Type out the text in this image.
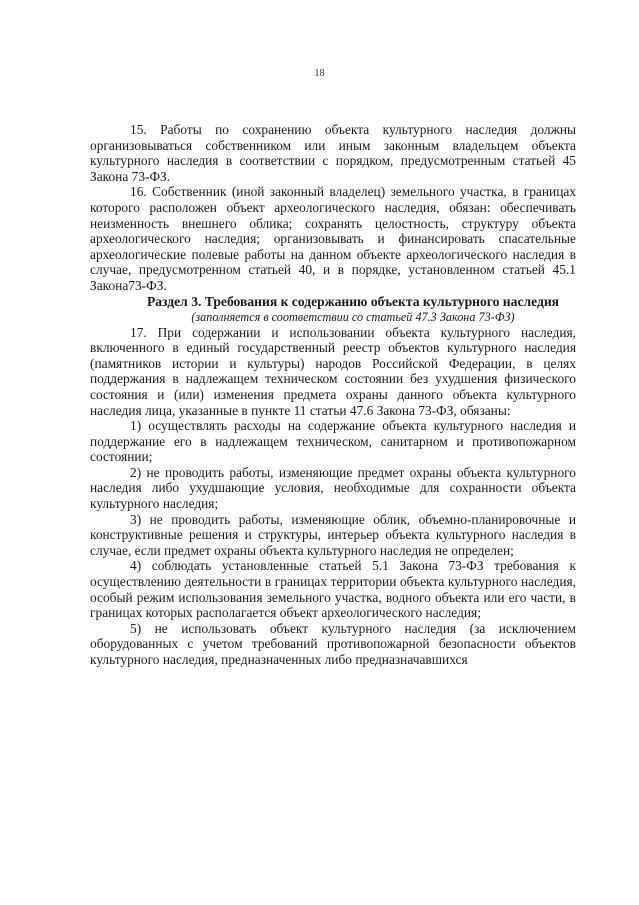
18

15. Работы по сохранению объекта культурного наследия должны организовываться собственником или иным законным владельцем объекта культурного наследия в соответствии с порядком, предусмотренным статьей 45 Закона 73-ФЗ.

16. Собственник (иной законный владелец) земельного участка, в границах которого расположен объект археологического наследия, обязан: обеспечивать неизменность внешнего облика; сохранять целостность, структуру объекта археологического наследия; организовывать и финансировать спасательные археологические полевые работы на данном объекте археологического наследия в случае, предусмотренном статьей 40, и в порядке, установленном статьей 45.1 Закона73-ФЗ.

Раздел 3. Требования к содержанию объекта культурного наследия

(заполняется в соответствии со статьей 47.3 Закона 73-ФЗ)

17. При содержании и использовании объекта культурного наследия, включенного в единый государственный реестр объектов культурного наследия (памятников истории и культуры) народов Российской Федерации, в целях поддержания в надлежащем техническом состоянии без ухудшения физического состояния и (или) изменения предмета охраны данного объекта культурного наследия лица, указанные в пункте 11 статьи 47.6 Закона 73-ФЗ, обязаны:

1) осуществлять расходы на содержание объекта культурного наследия и поддержание его в надлежащем техническом, санитарном и противопожарном состоянии;

2) не проводить работы, изменяющие предмет охраны объекта культурного наследия либо ухудшающие условия, необходимые для сохранности объекта культурного наследия;

3) не проводить работы, изменяющие облик, объемно-планировочные и конструктивные решения и структуры, интерьер объекта культурного наследия в случае, если предмет охраны объекта культурного наследия не определен;

4) соблюдать установленные статьей 5.1 Закона 73-ФЗ требования к осуществлению деятельности в границах территории объекта культурного наследия, особый режим использования земельного участка, водного объекта или его части, в границах которых располагается объект археологического наследия;

5) не использовать объект культурного наследия (за исключением оборудованных с учетом требований противопожарной безопасности объектов культурного наследия, предназначенных либо предназначавшихся
